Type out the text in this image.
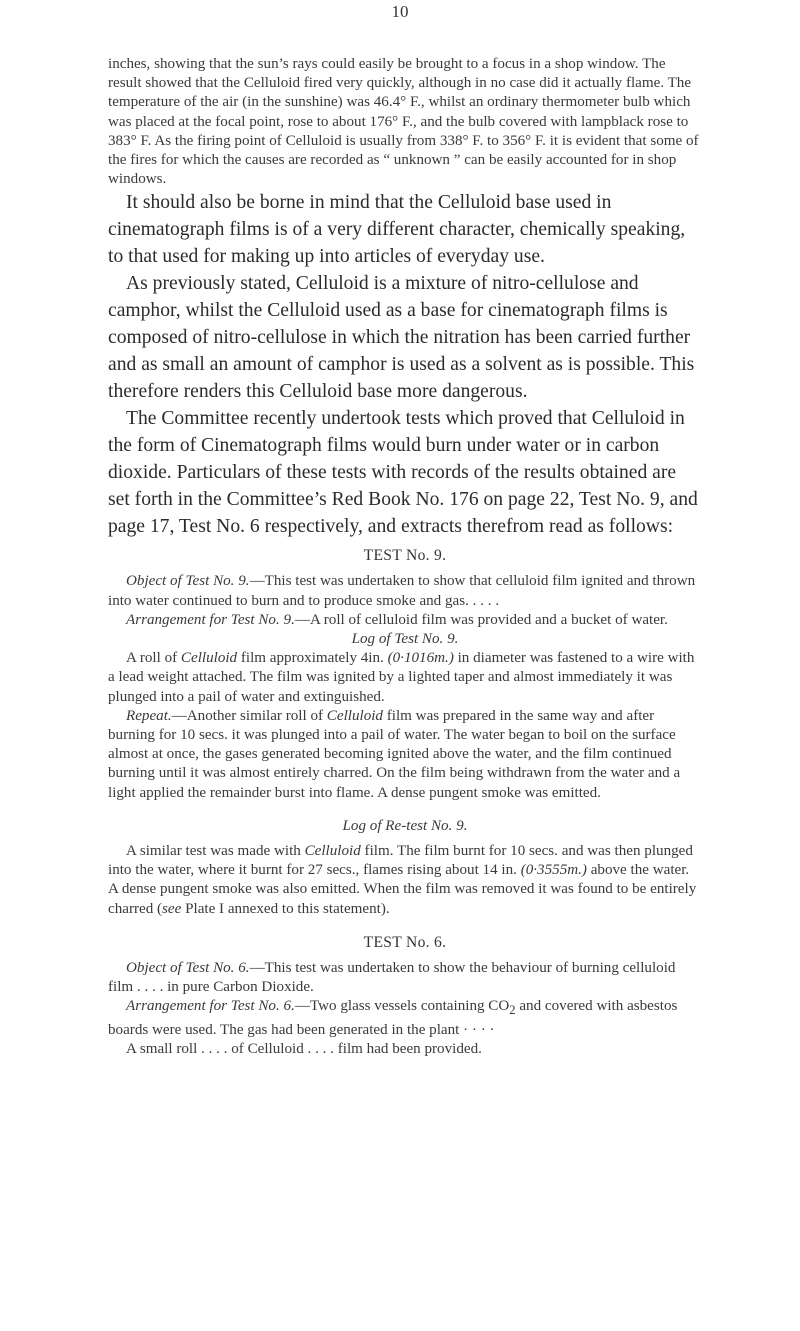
10

inches, showing that the sun’s rays could easily be brought to a focus in a shop window. The result showed that the Celluloid fired very quickly, although in no case did it actually flame. The temperature of the air (in the sunshine) was 46.4° F., whilst an ordinary thermometer bulb which was placed at the focal point, rose to about 176° F., and the bulb covered with lampblack rose to 383° F. As the firing point of Celluloid is usually from 338° F. to 356° F. it is evident that some of the fires for which the causes are recorded as “ unknown ” can be easily accounted for in shop windows.

It should also be borne in mind that the Celluloid base used in cinematograph films is of a very different character, chemically speaking, to that used for making up into articles of everyday use.

As previously stated, Celluloid is a mixture of nitro-cellulose and camphor, whilst the Celluloid used as a base for cinematograph films is composed of nitro-cellulose in which the nitration has been carried further and as small an amount of camphor is used as a solvent as is possible. This therefore renders this Celluloid base more dangerous.

The Committee recently undertook tests which proved that Celluloid in the form of Cinematograph films would burn under water or in carbon dioxide. Particulars of these tests with records of the results obtained are set forth in the Committee’s Red Book No. 176 on page 22, Test No. 9, and page 17, Test No. 6 respectively, and extracts therefrom read as follows:

TEST No. 9.

Object of Test No. 9.—This test was undertaken to show that celluloid film ignited and thrown into water continued to burn and to produce smoke and gas. . . . .

Arrangement for Test No. 9.—A roll of celluloid film was provided and a bucket of water.

Log of Test No. 9.

A roll of Celluloid film approximately 4in. (0·1016m.) in diameter was fastened to a wire with a lead weight attached. The film was ignited by a lighted taper and almost immediately it was plunged into a pail of water and extinguished.

Repeat.—Another similar roll of Celluloid film was prepared in the same way and after burning for 10 secs. it was plunged into a pail of water. The water began to boil on the surface almost at once, the gases generated becoming ignited above the water, and the film continued burning until it was almost entirely charred. On the film being withdrawn from the water and a light applied the remainder burst into flame. A dense pungent smoke was emitted.

Log of Re-test No. 9.

A similar test was made with Celluloid film. The film burnt for 10 secs. and was then plunged into the water, where it burnt for 27 secs., flames rising about 14 in. (0·3555m.) above the water. A dense pungent smoke was also emitted. When the film was removed it was found to be entirely charred (see Plate I annexed to this statement).

TEST No. 6.

Object of Test No. 6.—This test was undertaken to show the behaviour of burning celluloid film . . . . in pure Carbon Dioxide.

Arrangement for Test No. 6.—Two glass vessels containing $CO_2$ and covered with asbestos boards were used. The gas had been generated in the plant · · · ·

A small roll . . . . of Celluloid . . . . film had been provided.
